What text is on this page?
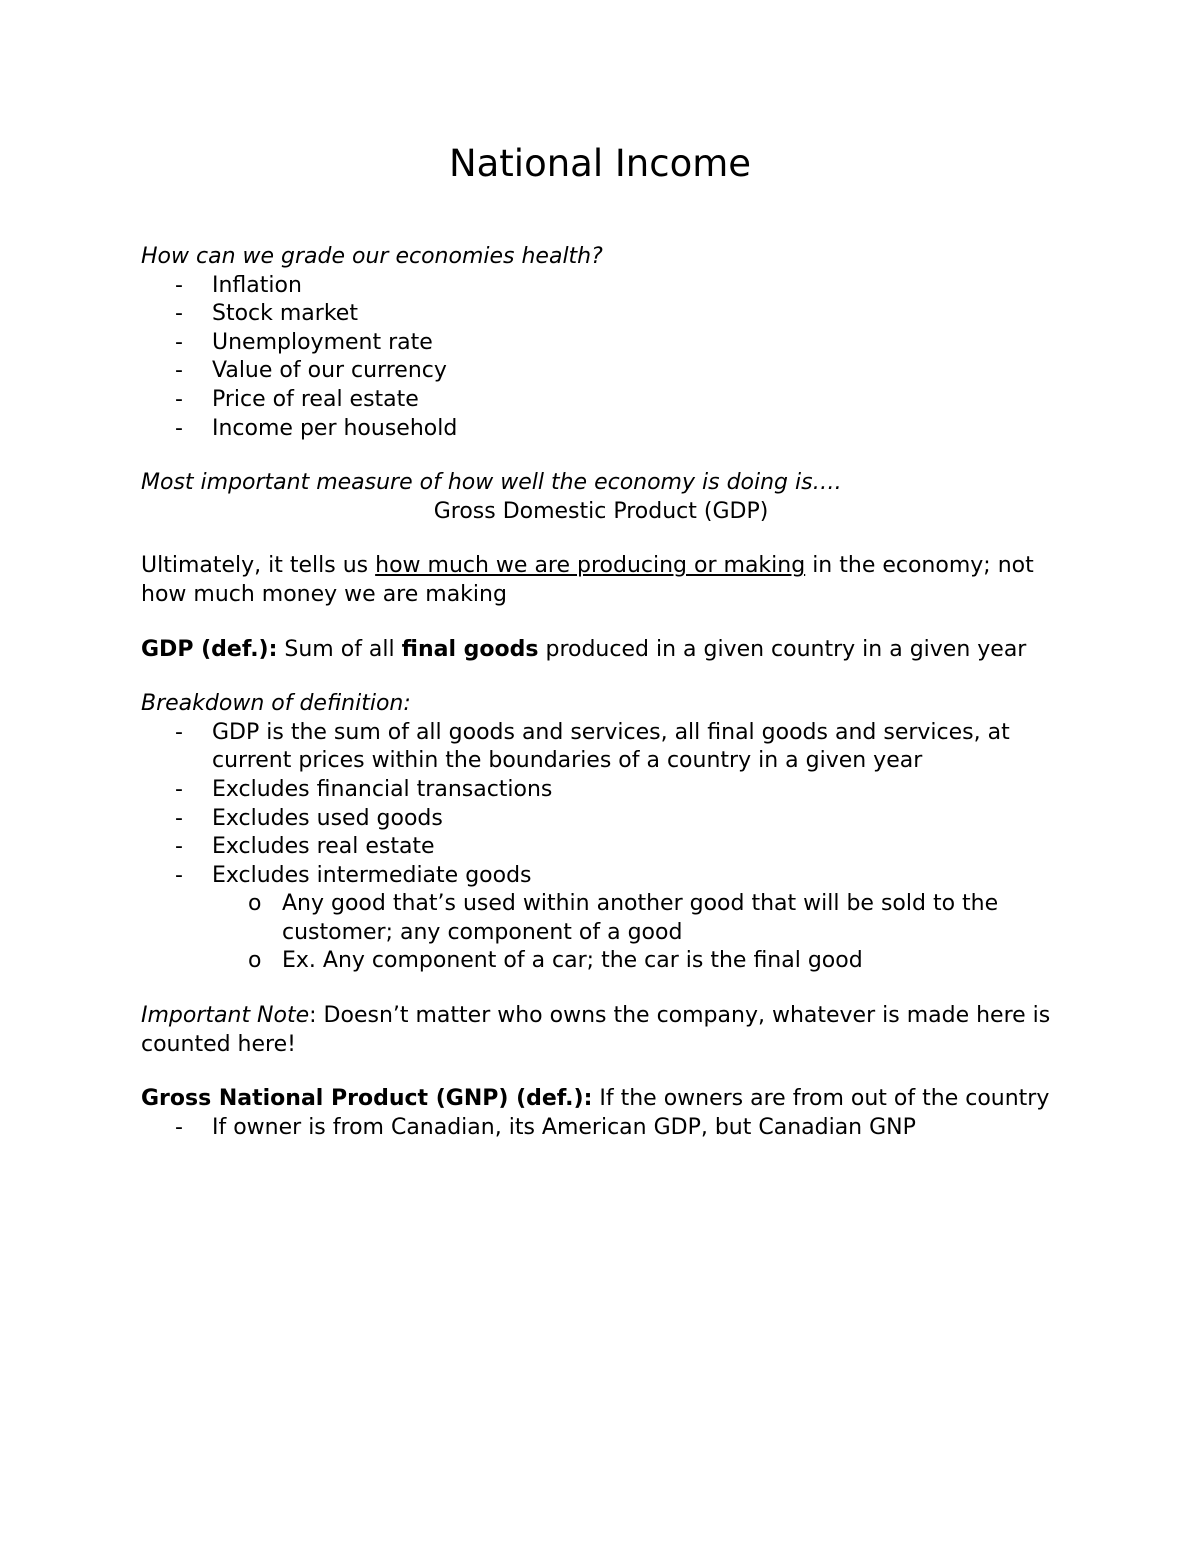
National Income

How can we grade our economies health?

- Inflation
- Stock market
- Unemployment rate
- Value of our currency
- Price of real estate
- Income per household

Most important measure of how well the economy is doing is….

Gross Domestic Product (GDP)

Ultimately, it tells us how much we are producing or making in the economy; not how much money we are making

GDP (def.): Sum of all final goods produced in a given country in a given year

Breakdown of definition:

- GDP is the sum of all goods and services, all final goods and services, at current prices within the boundaries of a country in a given year
- Excludes financial transactions
- Excludes used goods
- Excludes real estate
- Excludes intermediate goods
o Any good that’s used within another good that will be sold to the customer; any component of a good
o Ex. Any component of a car; the car is the final good

Important Note: Doesn’t matter who owns the company, whatever is made here is counted here!

Gross National Product (GNP) (def.): If the owners are from out of the country

- If owner is from Canadian, its American GDP, but Canadian GNP
